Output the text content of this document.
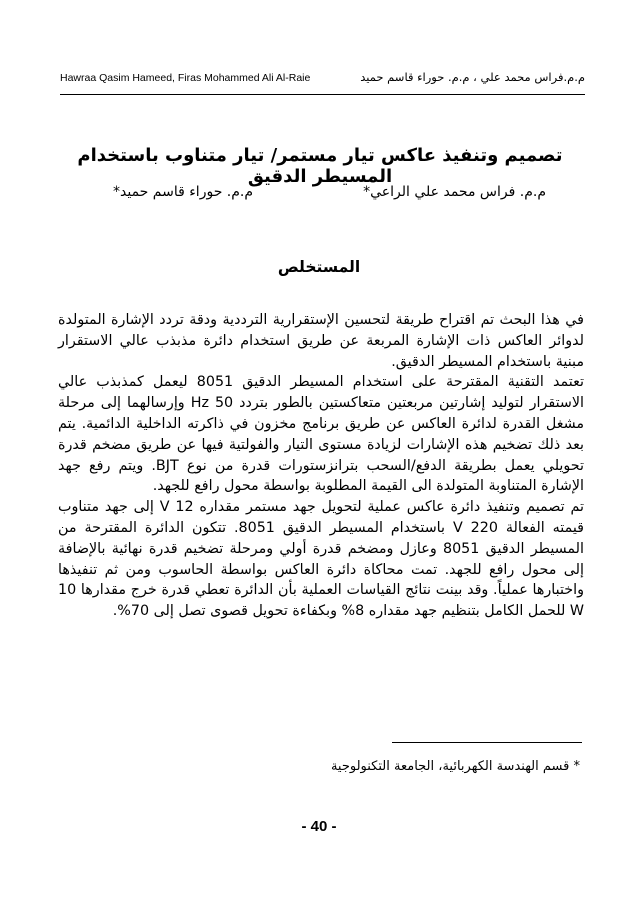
Hawraa Qasim Hameed, Firas Mohammed Ali Al-Raie	م.م.فراس محمد علي ، م.م. حوراء قاسم حميد
تصميم وتنفيذ عاكس تيار مستمر/ تيار متناوب باستخدام المسيطر الدقيق
م.م. فراس محمد علي الراعي*
م.م. حوراء قاسم حميد*
المستخلص

في هذا البحث تم اقتراح طريقة لتحسين الإستقرارية الترددية ودقة تردد الإشارة المتولدة لدوائر العاكس ذات الإشارة المربعة عن طريق استخدام دائرة مذبذب عالي الاستقرار مبنية باستخدام المسيطر الدقيق.

تعتمد التقنية المقترحة على استخدام المسيطر الدقيق 8051 ليعمل كمذبذب عالي الاستقرار لتوليد إشارتين مربعتين متعاكستين بالطور بتردد 50 Hz وإرسالهما إلى مرحلة مشغل القدرة لدائرة العاكس عن طريق برنامج مخزون في ذاكرته الداخلية الدائمية. يتم بعد ذلك تضخيم هذه الإشارات لزيادة مستوى التيار والفولتية فيها عن طريق مضخم قدرة تحويلي يعمل بطريقة الدفع/السحب بترانزستورات قدرة من نوع BJT. ويتم رفع جهد الإشارة المتناوبة المتولدة الى القيمة المطلوبة بواسطة محول رافع للجهد.

تم تصميم وتنفيذ دائرة عاكس عملية لتحويل جهد مستمر مقداره 12 V إلى جهد متناوب قيمته الفعالة 220 V باستخدام المسيطر الدقيق 8051. تتكون الدائرة المقترحة من المسيطر الدقيق 8051 وعازل ومضخم قدرة أولي ومرحلة تضخيم قدرة نهائية بالإضافة إلى محول رافع للجهد. تمت محاكاة دائرة العاكس بواسطة الحاسوب ومن ثم تنفيذها واختبارها عملياً. وقد بينت نتائج القياسات العملية بأن الدائرة تعطي قدرة خرج مقدارها 10 W للحمل الكامل بتنظيم جهد مقداره 8% وبكفاءة تحويل قصوى تصل إلى 70%.

* قسم الهندسة الكهربائية، الجامعة التكنولوجية
- 40 -
